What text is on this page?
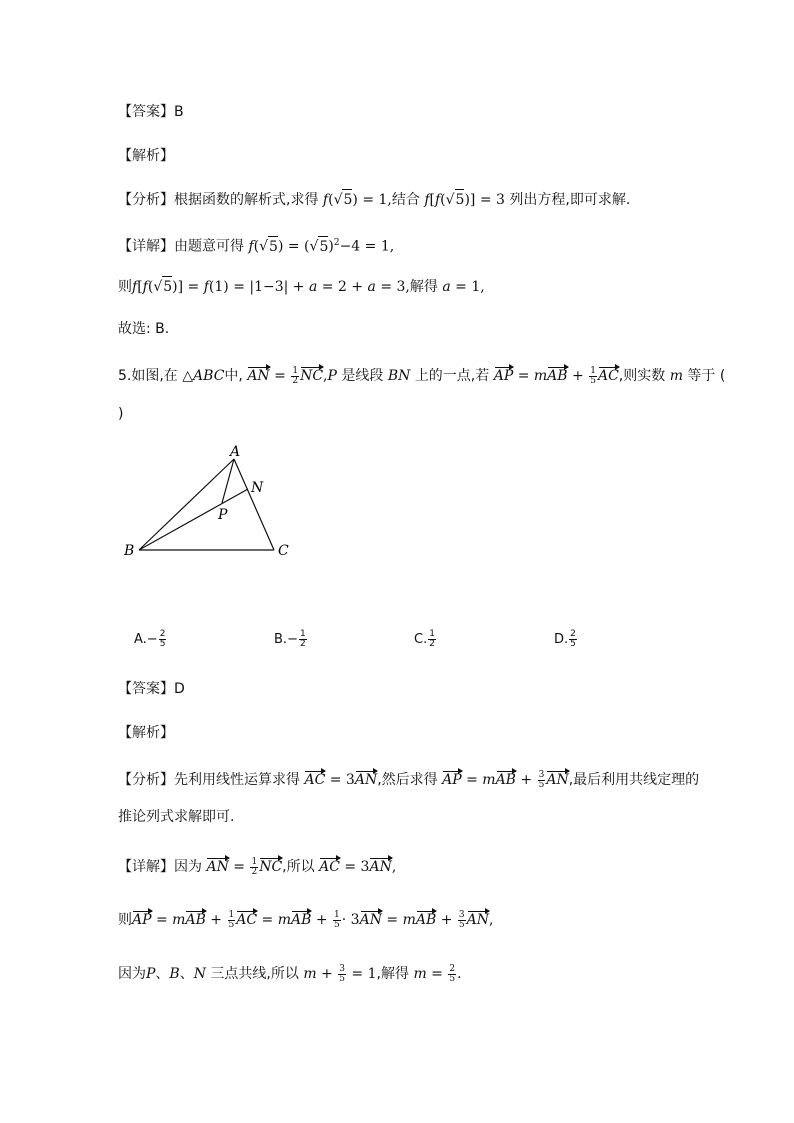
【答案】B
【解析】
【分析】根据函数的解析式,求得 f(√5) = 1,结合 f[f(√5)] = 3 列出方程,即可求解.
【详解】由题意可得 $f(√5) = (√5)^2-4 = 1$,
则f[f(√5)] = f(1) = |1−3| + a = 2 + a = 3,解得 a = 1,
故选: B.
5.如图,在 △ABC中, AN = $\frac{1}{2} NC,P$ 是线段 BN 上的一点,若 AP = mAB + $\frac{1}{5}$ AC,则实数 m 等于 (
)
A
N
P
B	C
$A.- \frac{2}{5}$	$B.- \frac{1}{2}$	C. $\frac{1}{2}$	D. $\frac{2}{5}$
【答案】D
【解析】
【分析】先利用线性运算求得 AC = 3AN,然后求得 AP = mAB + $\frac{3}{5}$ AN,最后利用共线定理的
推论列式求解即可.
【详解】因为 AN = $\frac{1}{2}$ NC,所以 AC = 3AN,
则AP = mAB + $\frac{1}{5}$ AC = mAB + $\frac{1}{5} \cdot 3AN$ = mAB + $\frac{3}{5}$ AN,
因为P、B、N 三点共线,所以 $m + \frac{3}{5} = 1$,解得 $m = \frac{2}{5}$ .
